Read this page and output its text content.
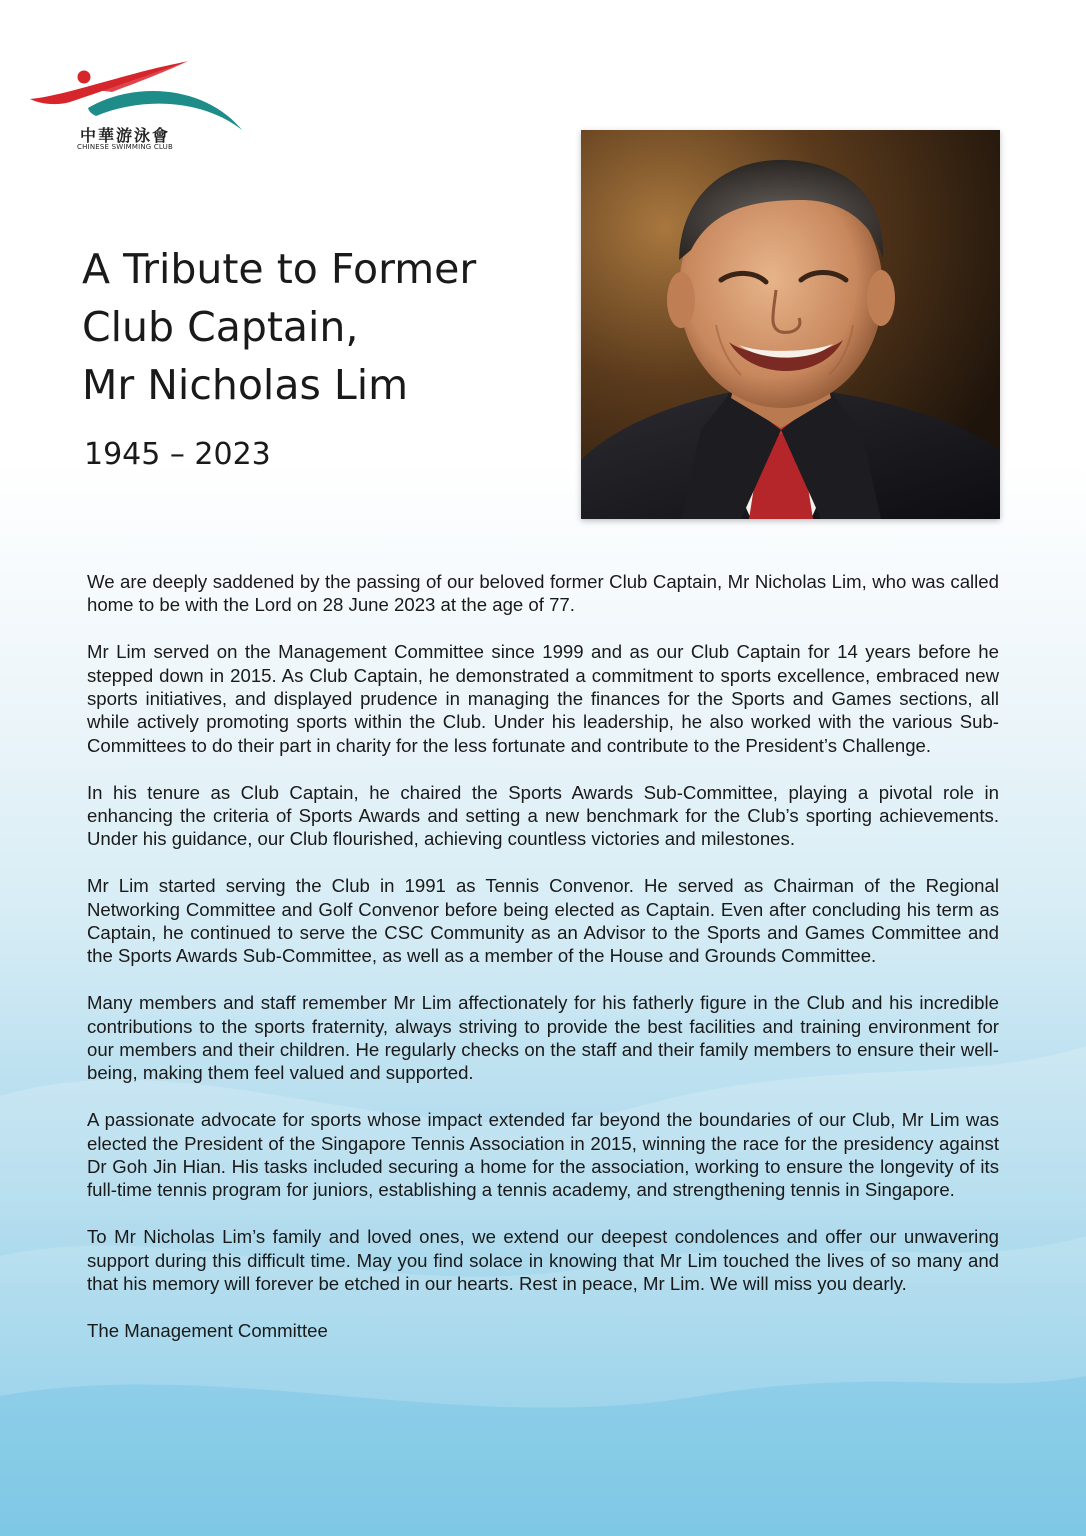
中華游泳會
CHINESE SWIMMING CLUB
A Tribute to Former
Club Captain,
Mr Nicholas Lim
1945 – 2023

We are deeply saddened by the passing of our beloved former Club Captain, Mr Nicholas Lim, who was called home to be with the Lord on 28 June 2023 at the age of 77.

Mr Lim served on the Management Committee since 1999 and as our Club Captain for 14 years before he stepped down in 2015. As Club Captain, he demonstrated a commitment to sports excellence, embraced new sports initiatives, and displayed prudence in managing the finances for the Sports and Games sections, all while actively promoting sports within the Club. Under his leadership, he also worked with the various Sub-Committees to do their part in charity for the less fortunate and contribute to the President’s Challenge.

In his tenure as Club Captain, he chaired the Sports Awards Sub-Committee, playing a pivotal role in enhancing the criteria of Sports Awards and setting a new benchmark for the Club’s sporting achievements. Under his guidance, our Club flourished, achieving countless victories and milestones.

Mr Lim started serving the Club in 1991 as Tennis Convenor. He served as Chairman of the Regional Networking Committee and Golf Convenor before being elected as Captain. Even after concluding his term as Captain, he continued to serve the CSC Community as an Advisor to the Sports and Games Committee and the Sports Awards Sub-Committee, as well as a member of the House and Grounds Committee.

Many members and staff remember Mr Lim affectionately for his fatherly figure in the Club and his incredible contributions to the sports fraternity, always striving to provide the best facilities and training environment for our members and their children. He regularly checks on the staff and their family members to ensure their well-being, making them feel valued and supported.

A passionate advocate for sports whose impact extended far beyond the boundaries of our Club, Mr Lim was elected the President of the Singapore Tennis Association in 2015, winning the race for the presidency against Dr Goh Jin Hian. His tasks included securing a home for the association, working to ensure the longevity of its full-time tennis program for juniors, establishing a tennis academy, and strengthening tennis in Singapore.

To Mr Nicholas Lim’s family and loved ones, we extend our deepest condolences and offer our unwavering support during this difficult time. May you find solace in knowing that Mr Lim touched the lives of so many and that his memory will forever be etched in our hearts. Rest in peace, Mr Lim. We will miss you dearly.

The Management Committee
